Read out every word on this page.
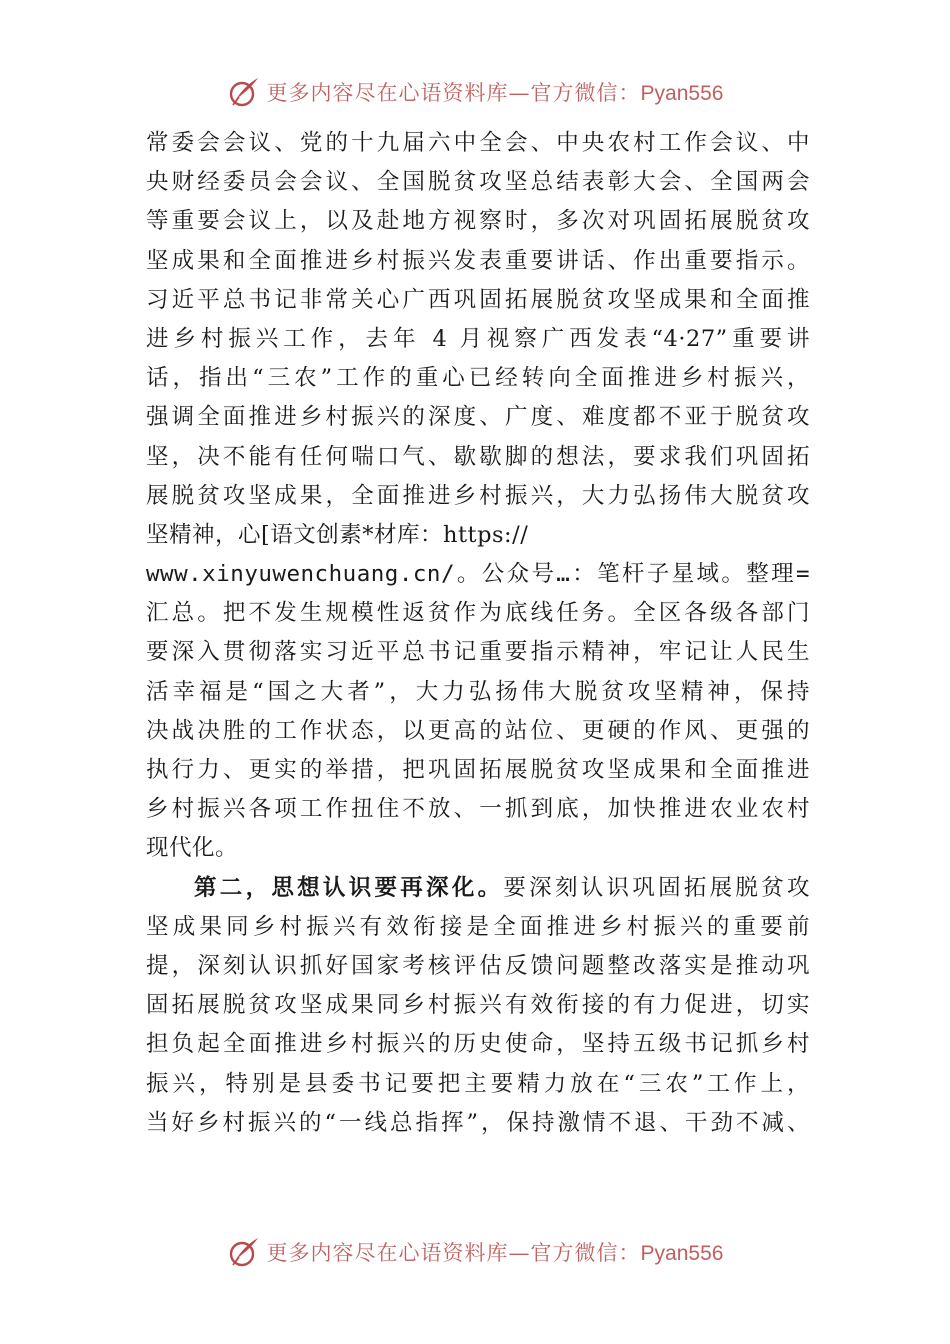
更多内容尽在心语资料库—官方微信：Pyan556
常委会会议、党的十九届六中全会、中央农村工作会议、中
央财经委员会会议、全国脱贫攻坚总结表彰大会、全国两会
等重要会议上，以及赴地方视察时，多次对巩固拓展脱贫攻
坚成果和全面推进乡村振兴发表重要讲话、作出重要指示。
习近平总书记非常关心广西巩固拓展脱贫攻坚成果和全面推
进乡村振兴工作，去年 4 月视察广西发表“4·27”重要讲
话，指出“三农”工作的重心已经转向全面推进乡村振兴，
强调全面推进乡村振兴的深度、广度、难度都不亚于脱贫攻
坚，决不能有任何喘口气、歇歇脚的想法，要求我们巩固拓
展脱贫攻坚成果，全面推进乡村振兴，大力弘扬伟大脱贫攻
坚精神，心[语文创素*材库：https://
www.xinyuwenchuang.cn/。公众号…：笔杆子星域。整理=
汇总。把不发生规模性返贫作为底线任务。全区各级各部门
要深入贯彻落实习近平总书记重要指示精神，牢记让人民生
活幸福是“国之大者”，大力弘扬伟大脱贫攻坚精神，保持
决战决胜的工作状态，以更高的站位、更硬的作风、更强的
执行力、更实的举措，把巩固拓展脱贫攻坚成果和全面推进
乡村振兴各项工作扭住不放、一抓到底，加快推进农业农村
现代化。
第二，思想认识要再深化。要深刻认识巩固拓展脱贫攻
坚成果同乡村振兴有效衔接是全面推进乡村振兴的重要前
提，深刻认识抓好国家考核评估反馈问题整改落实是推动巩
固拓展脱贫攻坚成果同乡村振兴有效衔接的有力促进，切实
担负起全面推进乡村振兴的历史使命，坚持五级书记抓乡村
振兴，特别是县委书记要把主要精力放在“三农”工作上，
当好乡村振兴的“一线总指挥”，保持激情不退、干劲不减、
更多内容尽在心语资料库—官方微信：Pyan556
